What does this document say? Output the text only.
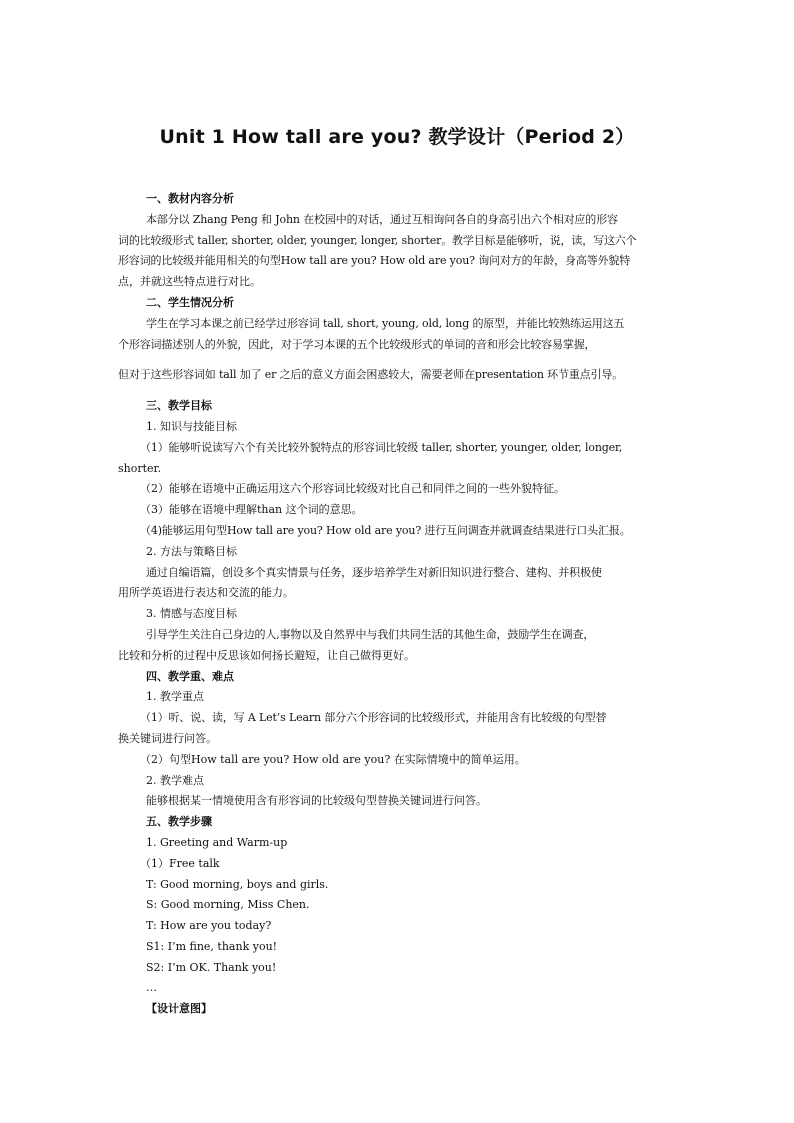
Unit 1 How tall are you? 教学设计（Period 2）
一、教材内容分析
本部分以 Zhang Peng 和 John 在校园中的对话，通过互相询问各自的身高引出六个相对应的形容
词的比较级形式 taller, shorter, older, younger, longer, shorter。教学目标是能够听，说，读，写这六个
形容词的比较级并能用相关的句型How tall are you? How old are you? 询问对方的年龄，身高等外貌特
点，并就这些特点进行对比。
二、学生情况分析
学生在学习本课之前已经学过形容词 tall, short, young, old, long 的原型，并能比较熟练运用这五
个形容词描述别人的外貌，因此，对于学习本课的五个比较级形式的单词的音和形会比较容易掌握，
但对于这些形容词如 tall 加了 er 之后的意义方面会困惑较大，需要老师在presentation 环节重点引导。
三、教学目标
1. 知识与技能目标
（1）能够听说读写六个有关比较外貌特点的形容词比较级 taller, shorter, younger, older, longer,
shorter.
（2）能够在语境中正确运用这六个形容词比较级对比自己和同伴之间的一些外貌特征。
（3）能够在语境中理解than 这个词的意思。
（4)能够运用句型How tall are you? How old are you? 进行互问调查并就调查结果进行口头汇报。
2. 方法与策略目标
通过自编语篇，创设多个真实情景与任务，逐步培养学生对新旧知识进行整合、建构、并积极使
用所学英语进行表达和交流的能力。
3. 情感与态度目标
引导学生关注自己身边的人,事物以及自然界中与我们共同生活的其他生命，鼓励学生在调查，
比较和分析的过程中反思该如何扬长避短，让自己做得更好。
四、教学重、难点
1. 教学重点
（1）听、说、读，写 A Let’s Learn 部分六个形容词的比较级形式，并能用含有比较级的句型替
换关键词进行问答。
（2）句型How tall are you? How old are you? 在实际情境中的简单运用。
2. 教学难点
能够根据某一情境使用含有形容词的比较级句型替换关键词进行问答。
五、教学步骤
1. Greeting and Warm-up
（1）Free talk
T: Good morning, boys and girls.
S: Good morning, Miss Chen.
T: How are you today?
S1: I’m fine, thank you!
S2: I’m OK. Thank you!
…
【设计意图】
